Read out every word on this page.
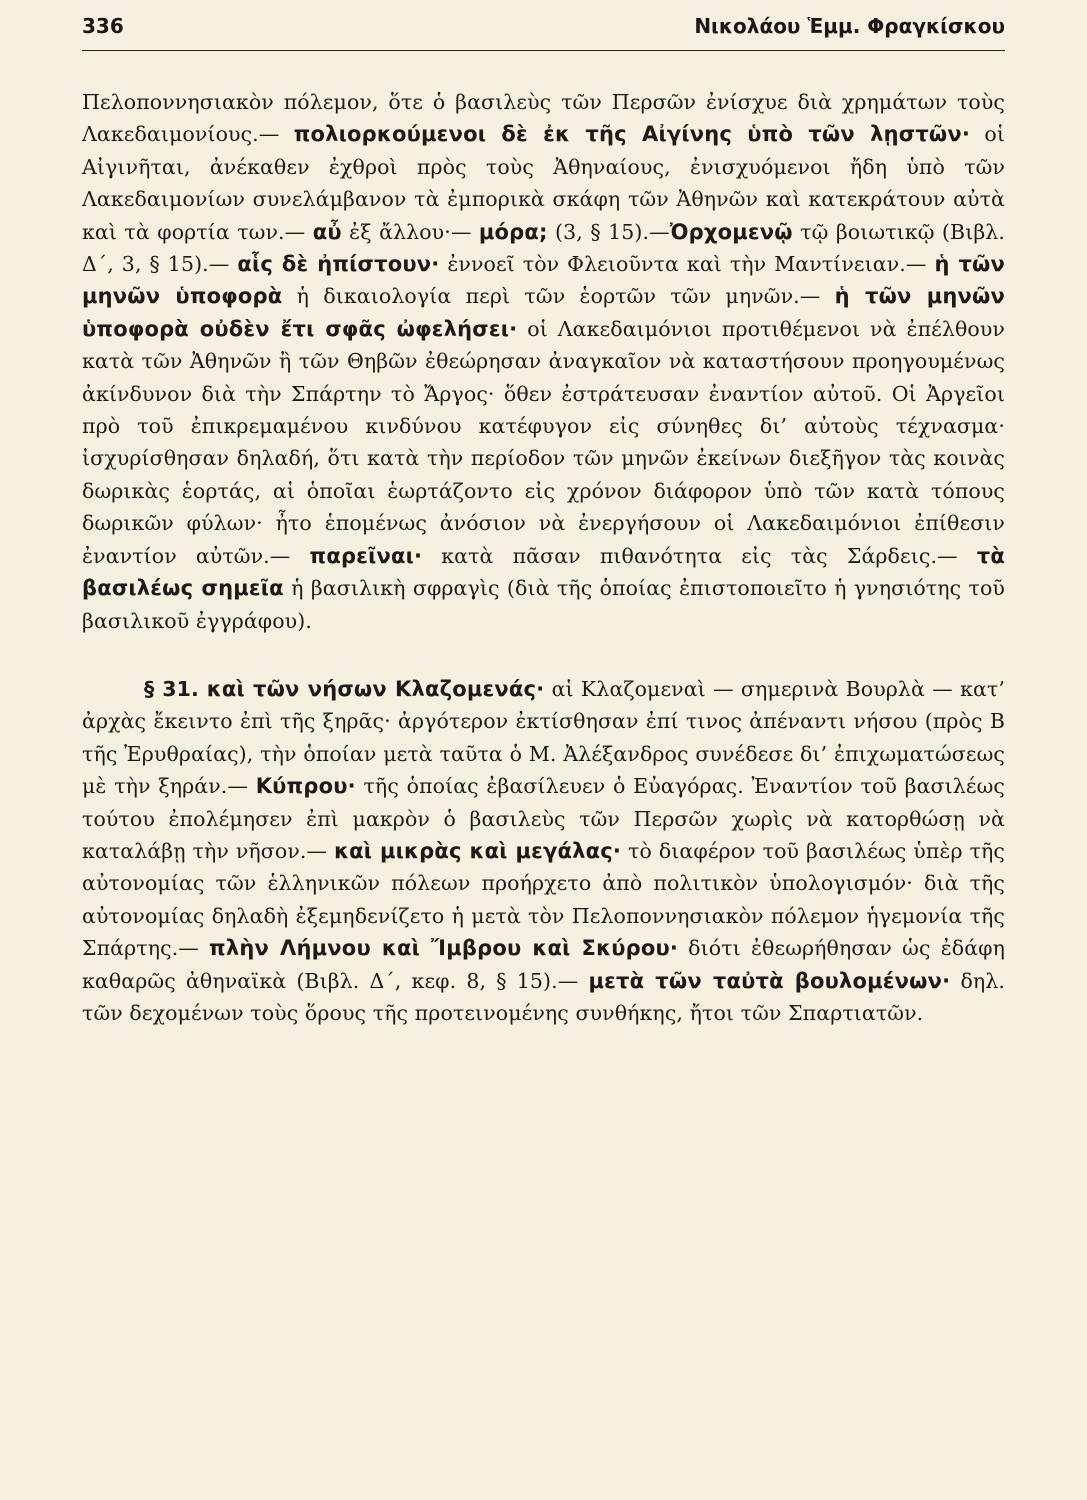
336	Νικολάου Ἑμμ. Φραγκίσκου

Πελοποννησιακὸν πόλεμον, ὅτε ὁ βασιλεὺς τῶν Περσῶν ἐνίσχυε διὰ χρημάτων τοὺς Λακεδαιμονίους.— πολιορκούμενοι δὲ ἐκ τῆς Αἰγίνης ὑπὸ τῶν λῃστῶν· οἱ Αἰγινῆται, ἀνέκαθεν ἐχθροὶ πρὸς τοὺς Ἀθηναίους, ἐνισχυόμενοι ἤδη ὑπὸ τῶν Λακεδαιμονίων συνελάμβανον τὰ ἐμπορικὰ σκάφη τῶν Ἀθηνῶν καὶ κατεκράτουν αὐτὰ καὶ τὰ φορτία των.— αὖ ἐξ ἄλλου·— μόρα; (3, § 15).—Ὀρχομενῷ τῷ βοιωτικῷ (Βιβλ. Δ΄, 3, § 15).— αἷς δὲ ἠπίστουν· ἐννοεῖ τὸν Φλειοῦντα καὶ τὴν Μαντίνειαν.— ἡ τῶν μηνῶν ὑποφορὰ ἡ δικαιολογία περὶ τῶν ἑορτῶν τῶν μηνῶν.— ἡ τῶν μηνῶν ὑποφορὰ οὐδὲν ἔτι σφᾶς ὠφελήσει· οἱ Λακεδαιμόνιοι προτιθέμενοι νὰ ἐπέλθουν κατὰ τῶν Ἀθηνῶν ἢ τῶν Θηβῶν ἐθεώρησαν ἀναγκαῖον νὰ καταστήσουν προηγουμένως ἀκίνδυνον διὰ τὴν Σπάρτην τὸ Ἄργος· ὅθεν ἐστράτευσαν ἐναντίον αὐτοῦ. Οἱ Ἀργεῖοι πρὸ τοῦ ἐπικρεμαμένου κινδύνου κατέφυγον εἰς σύνηθες δι’ αὐτοὺς τέχνασμα· ἰσχυρίσθησαν δηλαδή, ὅτι κατὰ τὴν περίοδον τῶν μηνῶν ἐκείνων διεξῆγον τὰς κοινὰς δωρικὰς ἑορτάς, αἱ ὁποῖαι ἑωρτάζοντο εἰς χρόνον διάφορον ὑπὸ τῶν κατὰ τόπους δωρικῶν φύλων· ἦτο ἑπομένως ἀνόσιον νὰ ἐνεργήσουν οἱ Λακεδαιμόνιοι ἐπίθεσιν ἐναντίον αὐτῶν.— παρεῖναι· κατὰ πᾶσαν πιθανότητα εἰς τὰς Σάρδεις.— τὰ βασιλέως σημεῖα ἡ βασιλικὴ σφραγὶς (διὰ τῆς ὁποίας ἐπιστοποιεῖτο ἡ γνησιότης τοῦ βασιλικοῦ ἐγγράφου).

§ 31. καὶ τῶν νήσων Κλαζομενάς· αἱ Κλαζομεναὶ — σημερινὰ Βουρλὰ — κατ’ ἀρχὰς ἔκειντο ἐπὶ τῆς ξηρᾶς· ἀργότερον ἐκτίσθησαν ἐπί τινος ἀπέναντι νήσου (πρὸς Β τῆς Ἐρυθραίας), τὴν ὁποίαν μετὰ ταῦτα ὁ Μ. Ἀλέξανδρος συνέδεσε δι’ ἐπιχωματώσεως μὲ τὴν ξηράν.— Κύπρου· τῆς ὁποίας ἐβασίλευεν ὁ Εὐαγόρας. Ἐναντίον τοῦ βασιλέως τούτου ἐπολέμησεν ἐπὶ μακρὸν ὁ βασιλεὺς τῶν Περσῶν χωρὶς νὰ κατορθώσῃ νὰ καταλάβῃ τὴν νῆσον.— καὶ μικρὰς καὶ μεγάλας· τὸ διαφέρον τοῦ βασιλέως ὑπὲρ τῆς αὐτονομίας τῶν ἑλληνικῶν πόλεων προήρχετο ἀπὸ πολιτικὸν ὑπολογισμόν· διὰ τῆς αὐτονομίας δηλαδὴ ἐξεμηδενίζετο ἡ μετὰ τὸν Πελοποννησιακὸν πόλεμον ἡγεμονία τῆς Σπάρτης.— πλὴν Λήμνου καὶ Ἴμβρου καὶ Σκύρου· διότι ἐθεωρήθησαν ὡς ἐδάφη καθαρῶς ἀθηναϊκὰ (Βιβλ. Δ΄, κεφ. 8, § 15).— μετὰ τῶν ταὐτὰ βουλομένων· δηλ. τῶν δεχομένων τοὺς ὅρους τῆς προτεινομένης συνθήκης, ἤτοι τῶν Σπαρτιατῶν.
